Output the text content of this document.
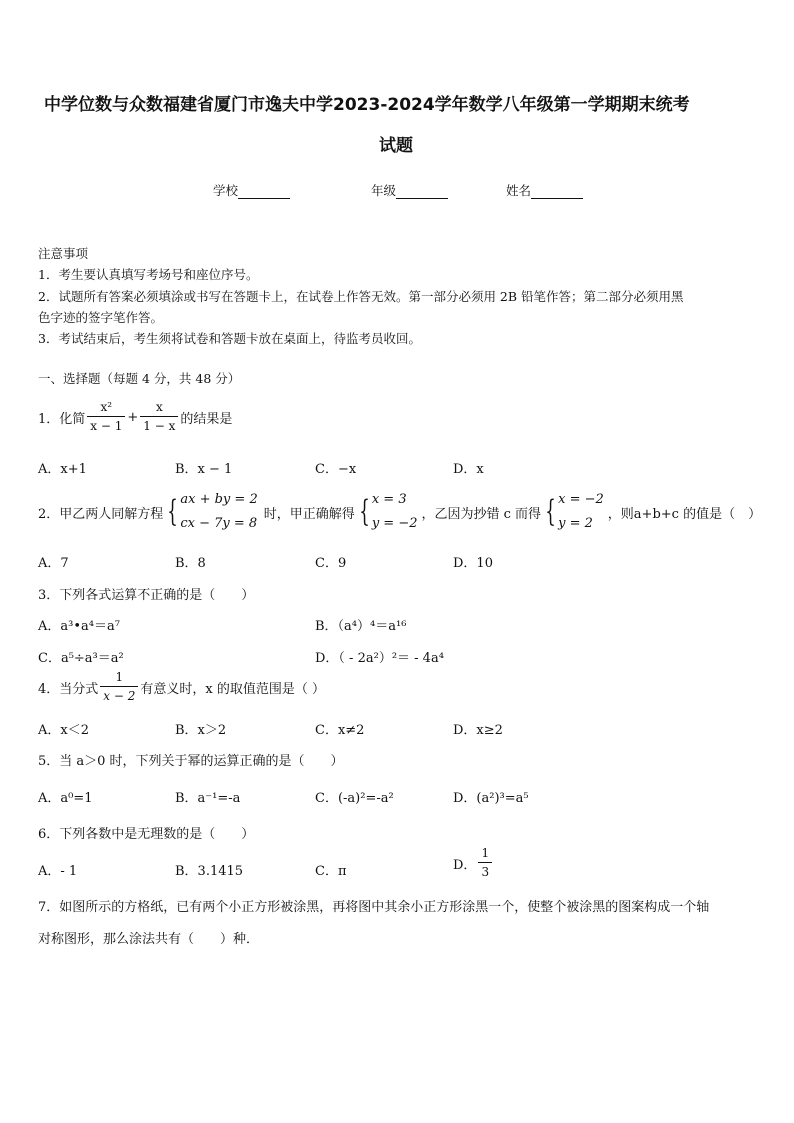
中学位数与众数福建省厦门市逸夫中学2023-2024学年数学八年级第一学期期末统考
试题
学校	年级	姓名
注意事项
1．考生要认真填写考场号和座位序号。
2．试题所有答案必须填涂或书写在答题卡上，在试卷上作答无效。第一部分必须用 2B 铅笔作答；第二部分必须用黑
色字迹的签字笔作答。
3．考试结束后，考生须将试卷和答题卡放在桌面上，待监考员收回。
一、选择题（每题 4 分，共 48 分）
1．化简 $\frac{\text{x²}}{x - 1} + \frac{x}{1 - x}$ 的结果是
A．x+1	B．x − 1	C．−x	D．x
2．甲乙两人同解方程 { ax + by = 2
cx − 7y = 8
时，甲正确解得 { x = 3
y = −2
，乙因为抄错 c 而得 { x = −2
y = 2
，则a+b+c 的值是（　）
A．7	B．8	C．9	D．10
3．下列各式运算不正确的是（　　）
A．a³•a⁴＝a⁷	B．（a⁴）⁴＝a¹⁶
C．a⁵÷a³＝a²	D．（ - 2a²）²＝ - 4a⁴
4．当分式 $\frac{1}{x - 2}$ 有意义时，x 的取值范围是（ ）
A．x＜2	B．x＞2	C．x≠2	D．x≥2
5．当 a＞0 时，下列关于幂的运算正确的是（　　）
A．a⁰=1	B．a⁻¹=-a	C．(-a)²=-a²	D．(a²)³=a⁵
6．下列各数中是无理数的是（　　）
A．- 1	B．3.1415	C．π	D． $\frac{1}{3}$
7．如图所示的方格纸，已有两个小正方形被涂黑，再将图中其余小正方形涂黑一个，使整个被涂黑的图案构成一个轴
对称图形，那么涂法共有（　　）种．
